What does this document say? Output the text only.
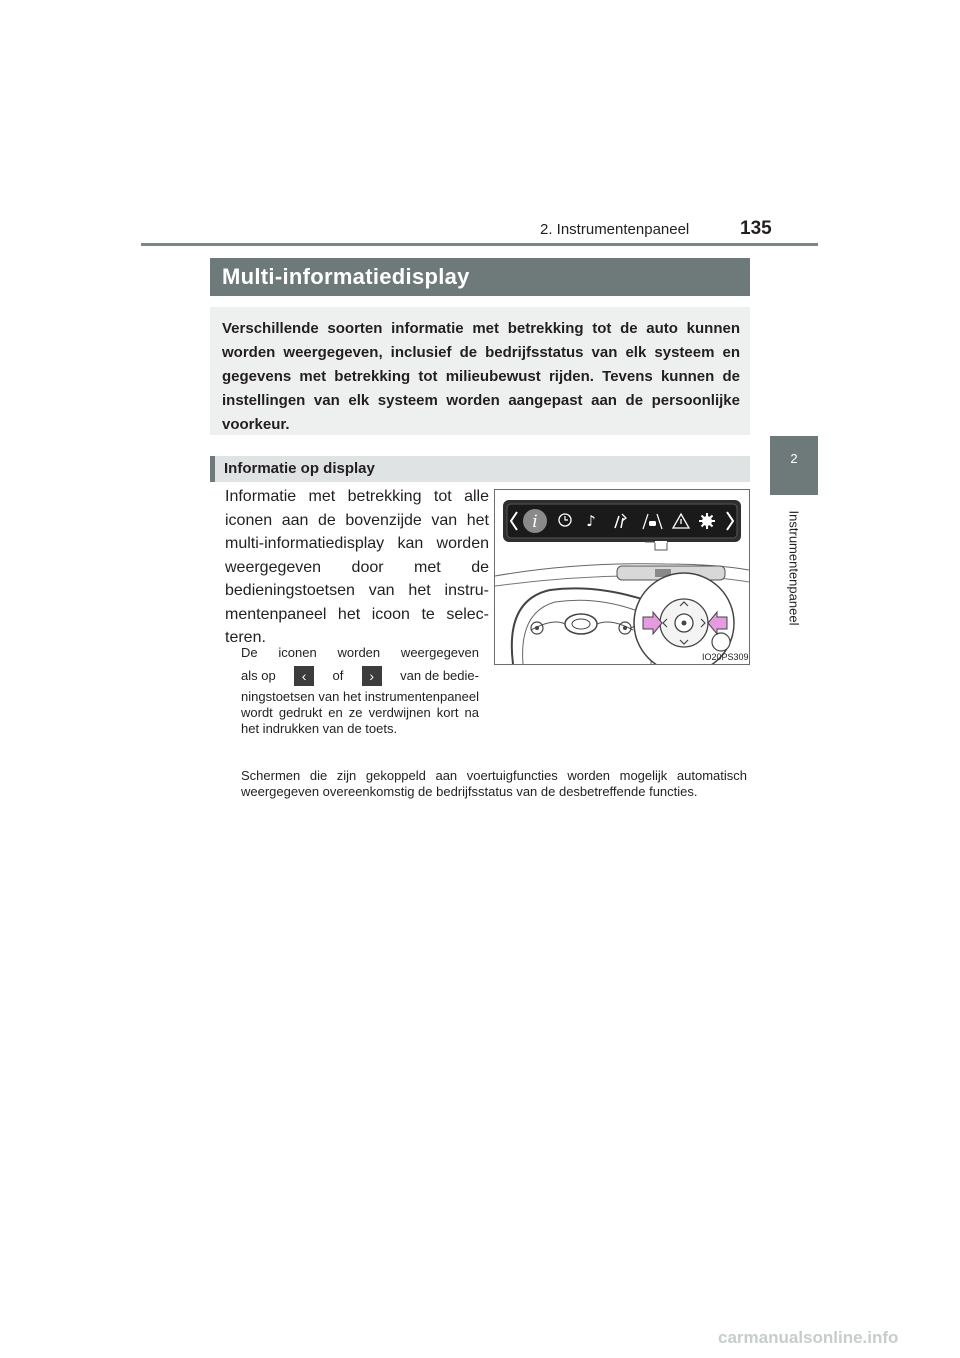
2. Instrumentenpaneel	135
2
Instrumentenpaneel
Multi-informatiedisplay
Verschillende soorten informatie met betrekking tot de auto kunnen worden weergegeven, inclusief de bedrijfsstatus van elk systeem en gegevens met betrekking tot milieubewust rijden. Tevens kunnen de instellingen van elk systeem worden aangepast aan de persoonlijke voorkeur.
Informatie op display
Informatie met betrekking tot alle iconen aan de bovenzijde van het multi-informatiedisplay kan worden weergegeven door met de bedieningstoetsen van het instrumentenpaneel het icoon te selecteren.
De iconen worden weergegeven
als op	‹	of	›	van de bedie-
ningstoetsen van het instrumentenpaneel wordt gedrukt en ze verdwijnen kort na het indrukken van de toets.
Schermen die zijn gekoppeld aan voertuigfuncties worden mogelijk automatisch weergegeven overeenkomstig de bedrijfsstatus van de desbetreffende functies.
i	♪
IO20PS309
carmanualsonline.info
